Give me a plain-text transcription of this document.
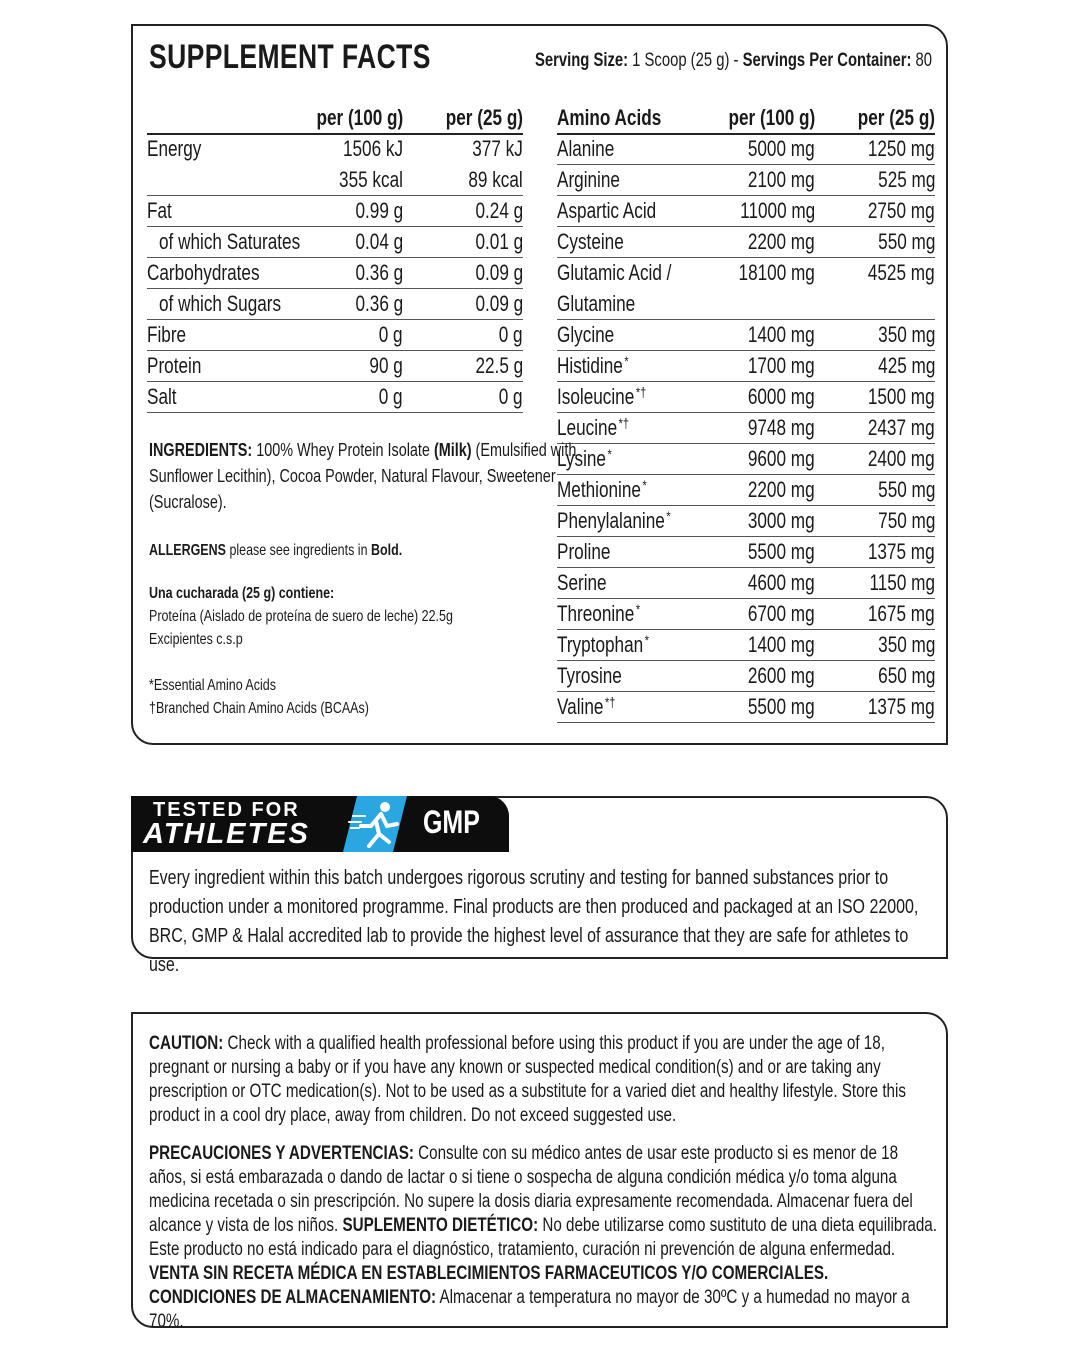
SUPPLEMENT FACTS	Serving Size: 1 Scoop (25 g) - Servings Per Container: 80
per (100 g)	per (25 g)
Energy	1506 kJ	377 kJ
355 kcal	89 kcal
Fat	0.99 g	0.24 g
of which Saturates	0.04 g	0.01 g
Carbohydrates	0.36 g	0.09 g
of which Sugars	0.36 g	0.09 g
Fibre	0 g	0 g
Protein	90 g	22.5 g
Salt	0 g	0 g
Amino Acids	per (100 g)	per (25 g)
Alanine	5000 mg	1250 mg
Arginine	2100 mg	525 mg
Aspartic Acid	11000 mg	2750 mg
Cysteine	2200 mg	550 mg
Glutamic Acid /	18100 mg	4525 mg
Glutamine
Glycine	1400 mg	350 mg
Histidine *	1700 mg	425 mg
Isoleucine *†	6000 mg	1500 mg
Leucine *†	9748 mg	2437 mg
Lysine *	9600 mg	2400 mg
Methionine *	2200 mg	550 mg
Phenylalanine *	3000 mg	750 mg
Proline	5500 mg	1375 mg
Serine	4600 mg	1150 mg
Threonine *	6700 mg	1675 mg
Tryptophan *	1400 mg	350 mg
Tyrosine	2600 mg	650 mg
Valine *†	5500 mg	1375 mg
INGREDIENTS: 100% Whey Protein Isolate (Milk) (Emulsified with Sunflower Lecithin), Cocoa Powder, Natural Flavour, Sweetener (Sucralose).
ALLERGENS please see ingredients in Bold.
Una cucharada (25 g) contiene:
Proteína (Aislado de proteína de suero de leche) 22.5g
Excipientes c.s.p
*Essential Amino Acids
†Branched Chain Amino Acids (BCAAs)
TESTED FOR
ATHLETES	GMP
Every ingredient within this batch undergoes rigorous scrutiny and testing for banned substances prior to production under a monitored programme. Final products are then produced and packaged at an ISO 22000, BRC, GMP & Halal accredited lab to provide the highest level of assurance that they are safe for athletes to use.
CAUTION: Check with a qualified health professional before using this product if you are under the age of 18, pregnant or nursing a baby or if you have any known or suspected medical condition(s) and or are taking any prescription or OTC medication(s). Not to be used as a substitute for a varied diet and healthy lifestyle. Store this product in a cool dry place, away from children. Do not exceed suggested use.
PRECAUCIONES Y ADVERTENCIAS: Consulte con su médico antes de usar este producto si es menor de 18 años, si está embarazada o dando de lactar o si tiene o sospecha de alguna condición médica y/o toma alguna medicina recetada o sin prescripción. No supere la dosis diaria expresamente recomendada. Almacenar fuera del alcance y vista de los niños. SUPLEMENTO DIETÉTICO: No debe utilizarse como sustituto de una dieta equilibrada. Este producto no está indicado para el diagnóstico, tratamiento, curación ni prevención de alguna enfermedad. VENTA SIN RECETA MÉDICA EN ESTABLECIMIENTOS FARMACEUTICOS Y/O COMERCIALES. CONDICIONES DE ALMACENAMIENTO: Almacenar a temperatura no mayor de 30ºC y a humedad no mayor a 70%.
